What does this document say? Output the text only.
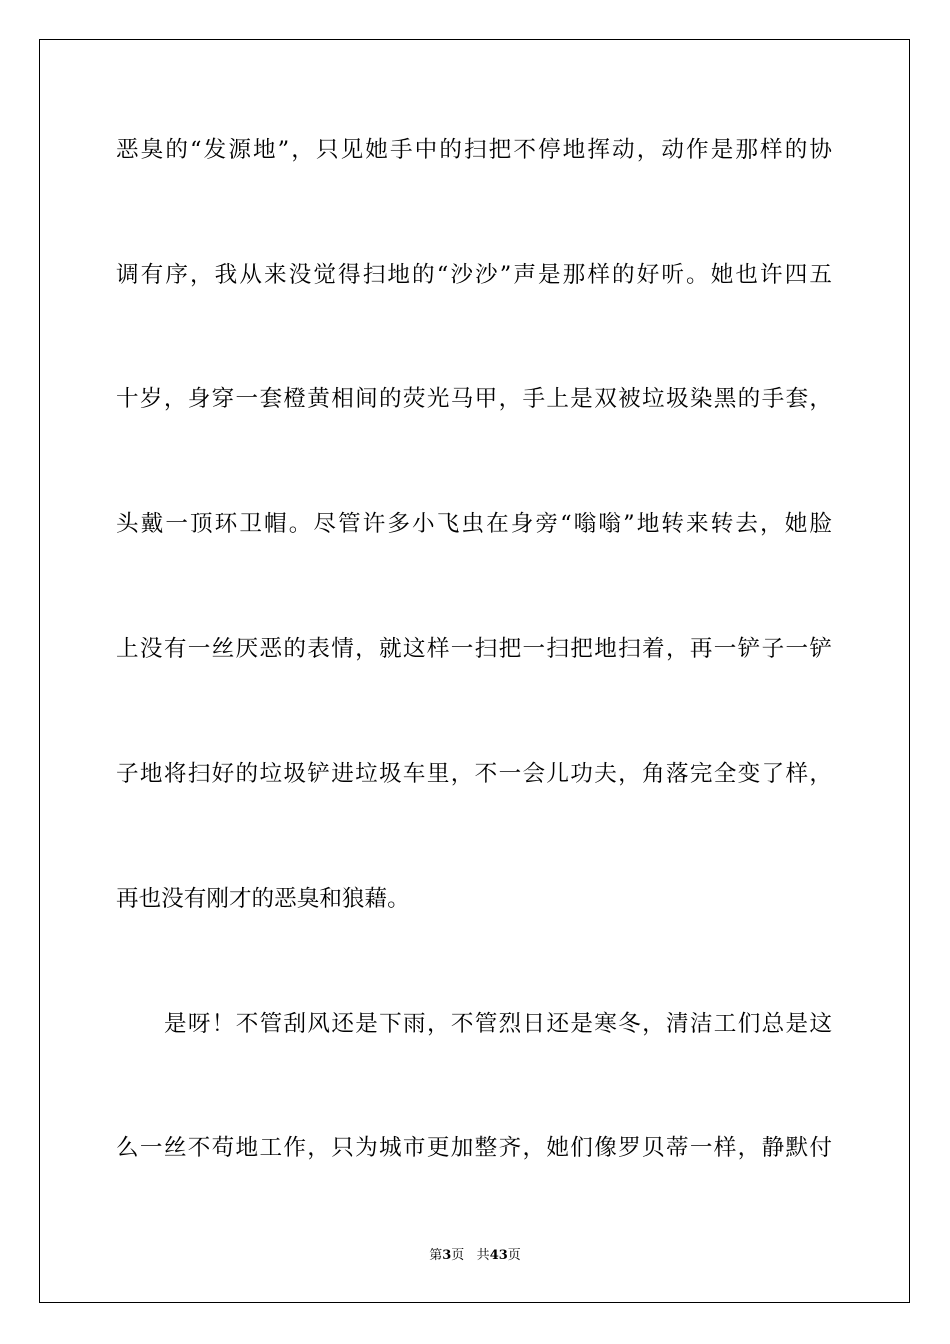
恶臭的“发源地”，只见她手中的扫把不停地挥动，动作是那样的协

调有序，我从来没觉得扫地的“沙沙”声是那样的好听。她也许四五

十岁，身穿一套橙黄相间的荧光马甲，手上是双被垃圾染黑的手套，

头戴一顶环卫帽。尽管许多小飞虫在身旁“嗡嗡”地转来转去，她脸

上没有一丝厌恶的表情，就这样一扫把一扫把地扫着，再一铲子一铲

子地将扫好的垃圾铲进垃圾车里，不一会儿功夫，角落完全变了样，

再也没有刚才的恶臭和狼藉。

是呀！不管刮风还是下雨，不管烈日还是寒冬，清洁工们总是这

么一丝不苟地工作，只为城市更加整齐，她们像罗贝蒂一样，静默付

第3页 共43页
